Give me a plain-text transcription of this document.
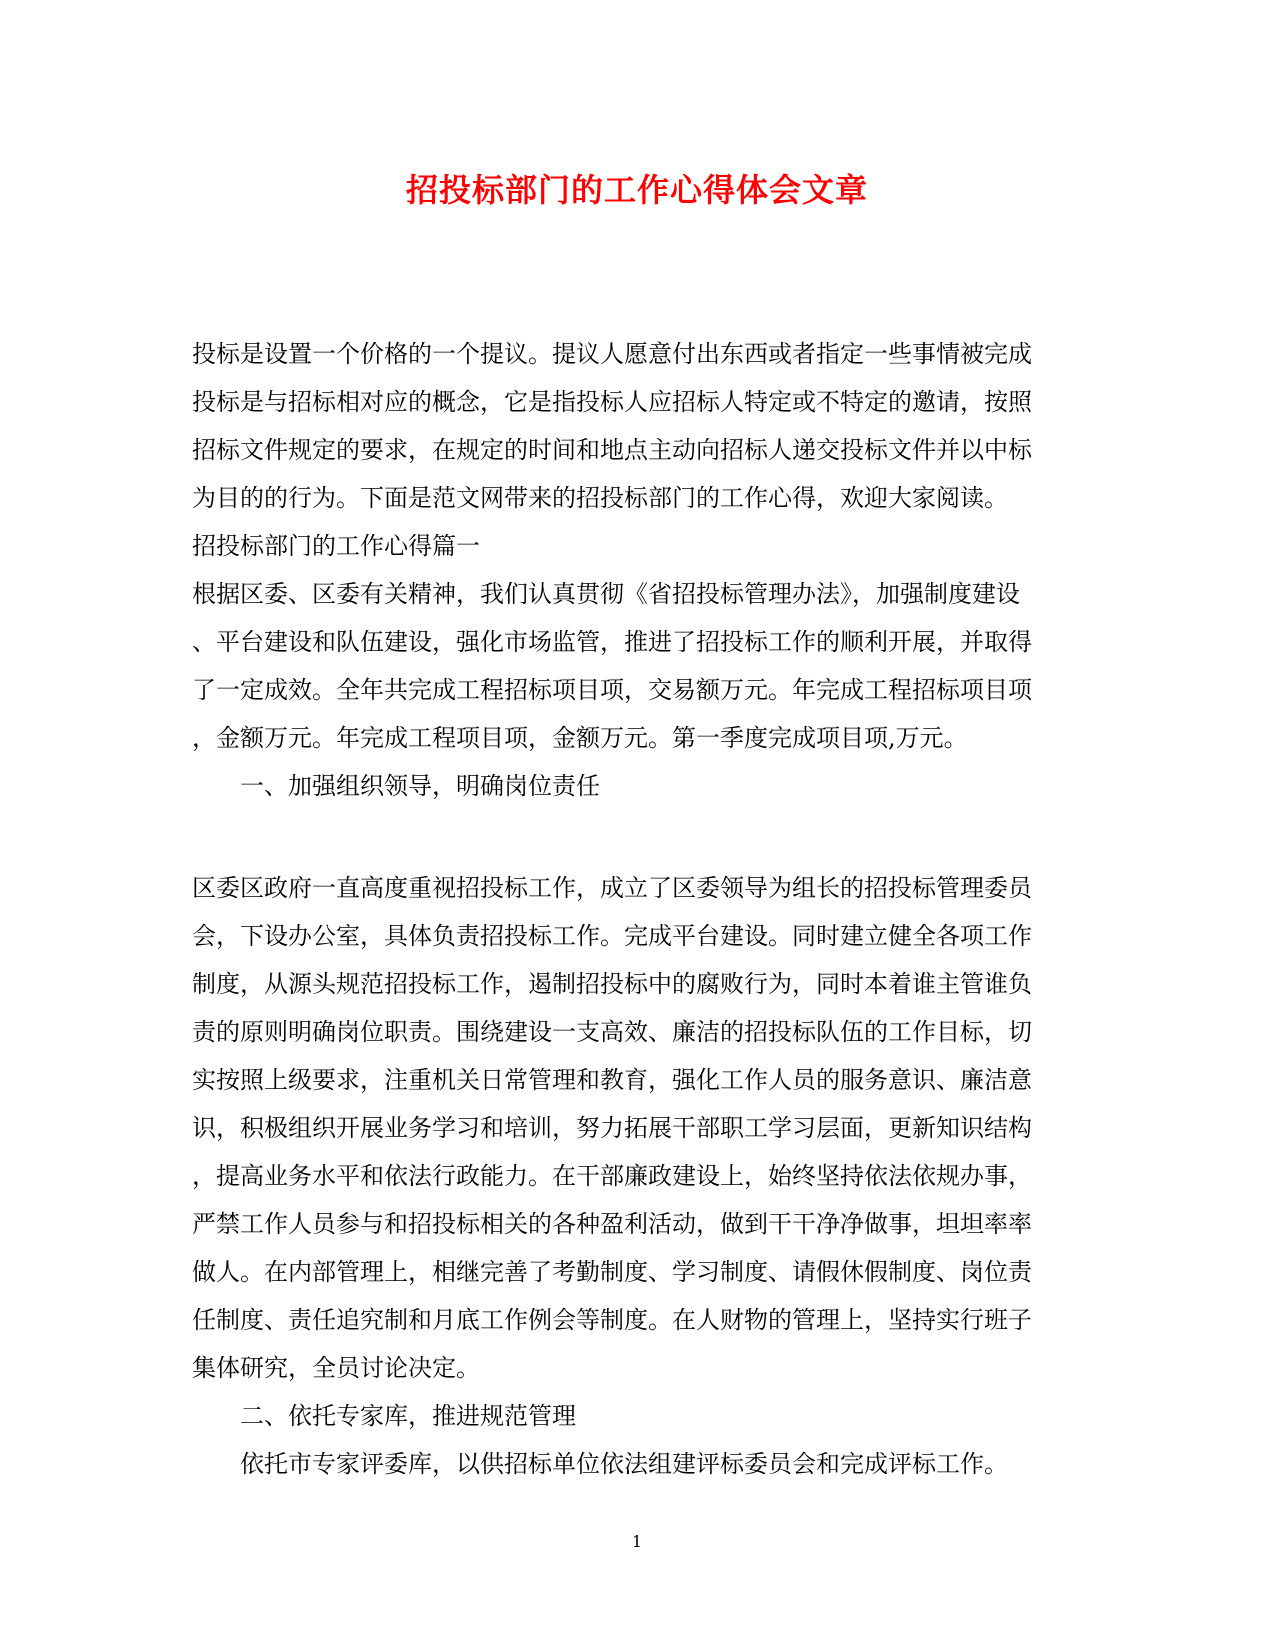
招投标部门的工作心得体会文章
投标是设置一个价格的一个提议。提议人愿意付出东西或者指定一些事情被完成
投标是与招标相对应的概念，它是指投标人应招标人特定或不特定的邀请，按照
招标文件规定的要求，在规定的时间和地点主动向招标人递交投标文件并以中标
为目的的行为。下面是范文网带来的招投标部门的工作心得，欢迎大家阅读。
招投标部门的工作心得篇一
根据区委、区委有关精神，我们认真贯彻《省招投标管理办法》，加强制度建设
、平台建设和队伍建设，强化市场监管，推进了招投标工作的顺利开展，并取得
了一定成效。全年共完成工程招标项目项，交易额万元。年完成工程招标项目项
，金额万元。年完成工程项目项，金额万元。第一季度完成项目项,万元。
一、加强组织领导，明确岗位责任
区委区政府一直高度重视招投标工作，成立了区委领导为组长的招投标管理委员
会，下设办公室，具体负责招投标工作。完成平台建设。同时建立健全各项工作
制度，从源头规范招投标工作，遏制招投标中的腐败行为，同时本着谁主管谁负
责的原则明确岗位职责。围绕建设一支高效、廉洁的招投标队伍的工作目标，切
实按照上级要求，注重机关日常管理和教育，强化工作人员的服务意识、廉洁意
识，积极组织开展业务学习和培训，努力拓展干部职工学习层面，更新知识结构
，提高业务水平和依法行政能力。在干部廉政建设上，始终坚持依法依规办事，
严禁工作人员参与和招投标相关的各种盈利活动，做到干干净净做事，坦坦率率
做人。在内部管理上，相继完善了考勤制度、学习制度、请假休假制度、岗位责
任制度、责任追究制和月底工作例会等制度。在人财物的管理上，坚持实行班子
集体研究，全员讨论决定。
二、依托专家库，推进规范管理
依托市专家评委库，以供招标单位依法组建评标委员会和完成评标工作。
1
